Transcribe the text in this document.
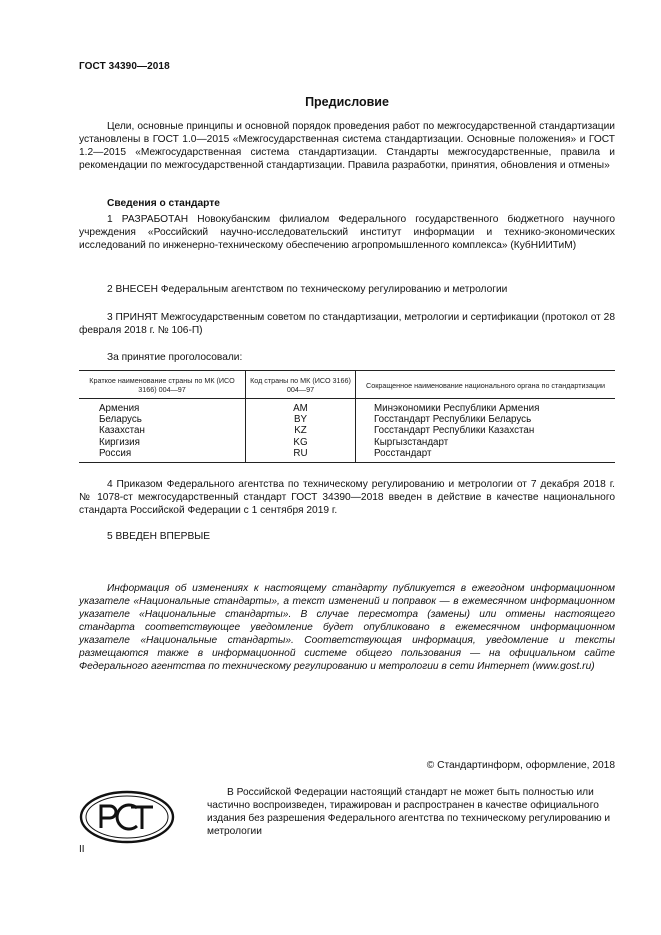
ГОСТ 34390—2018
Предисловие
Цели, основные принципы и основной порядок проведения работ по межгосударственной стандартизации установлены в ГОСТ 1.0—2015 «Межгосударственная система стандартизации. Основные положения» и ГОСТ 1.2—2015 «Межгосударственная система стандартизации. Стандарты межгосударственные, правила и рекомендации по межгосударственной стандартизации. Правила разработки, принятия, обновления и отмены»
Сведения о стандарте
1 РАЗРАБОТАН Новокубанским филиалом Федерального государственного бюджетного научного учреждения «Российский научно-исследовательский институт информации и технико-экономических исследований по инженерно-техническому обеспечению агропромышленного комплекса» (КубНИИТиМ)
2 ВНЕСЕН Федеральным агентством по техническому регулированию и метрологии
3 ПРИНЯТ Межгосударственным советом по стандартизации, метрологии и сертификации (протокол от 28 февраля 2018 г. № 106-П)
За принятие проголосовали:
Краткое наименование страны по МК (ИСО 3166) 004—97	Код страны по МК (ИСО 3166) 004—97	Сокращенное наименование национального органа по стандартизации
Армения	AM	Минэкономики Республики Армения
Беларусь	BY	Госстандарт Республики Беларусь
Казахстан	KZ	Госстандарт Республики Казахстан
Киргизия	KG	Кыргызстандарт
Россия	RU	Росстандарт
4 Приказом Федерального агентства по техническому регулированию и метрологии от 7 декабря 2018 г. № 1078-ст межгосударственный стандарт ГОСТ 34390—2018 введен в действие в качестве национального стандарта Российской Федерации с 1 сентября 2019 г.
5 ВВЕДЕН ВПЕРВЫЕ
Информация об изменениях к настоящему стандарту публикуется в ежегодном информационном указателе «Национальные стандарты», а текст изменений и поправок — в ежемесячном информационном указателе «Национальные стандарты». В случае пересмотра (замены) или отмены настоящего стандарта соответствующее уведомление будет опубликовано в ежемесячном информационном указателе «Национальные стандарты». Соответствующая информация, уведомление и тексты размещаются также в информационной системе общего пользования — на официальном сайте Федерального агентства по техническому регулированию и метрологии в сети Интернет (www.gost.ru)
© Стандартинформ, оформление, 2018
РСТ
В Российской Федерации настоящий стандарт не может быть полностью или частично воспроизведен, тиражирован и распространен в качестве официального издания без разрешения Федерального агентства по техническому регулированию и метрологии
II
